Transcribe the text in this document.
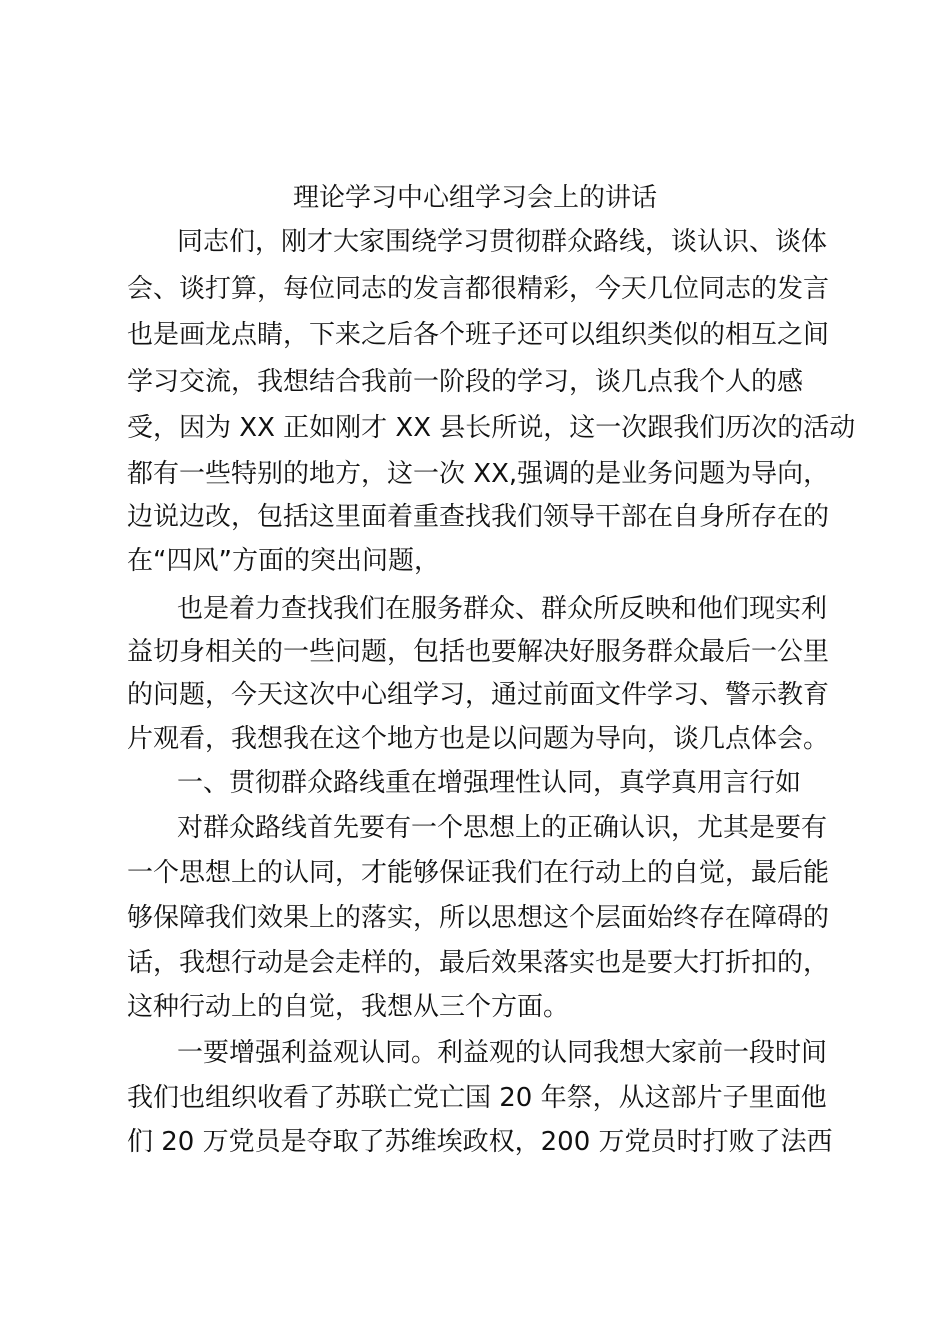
理论学习中心组学习会上的讲话
同志们，刚才大家围绕学习贯彻群众路线，谈认识、谈体
会、谈打算，每位同志的发言都很精彩，今天几位同志的发言
也是画龙点睛，下来之后各个班子还可以组织类似的相互之间
学习交流，我想结合我前一阶段的学习，谈几点我个人的感
受，因为 XX 正如刚才 XX 县长所说，这一次跟我们历次的活动
都有一些特别的地方，这一次 XX,强调的是业务问题为导向，
边说边改，包括这里面着重查找我们领导干部在自身所存在的
在“四风”方面的突出问题，
也是着力查找我们在服务群众、群众所反映和他们现实利
益切身相关的一些问题，包括也要解决好服务群众最后一公里
的问题，今天这次中心组学习，通过前面文件学习、警示教育
片观看，我想我在这个地方也是以问题为导向，谈几点体会。
一、贯彻群众路线重在增强理性认同，真学真用言行如
对群众路线首先要有一个思想上的正确认识，尤其是要有
一个思想上的认同，才能够保证我们在行动上的自觉，最后能
够保障我们效果上的落实，所以思想这个层面始终存在障碍的
话，我想行动是会走样的，最后效果落实也是要大打折扣的，
这种行动上的自觉，我想从三个方面。
一要增强利益观认同。利益观的认同我想大家前一段时间
我们也组织收看了苏联亡党亡国 20 年祭，从这部片子里面他
们 20 万党员是夺取了苏维埃政权，200 万党员时打败了法西
